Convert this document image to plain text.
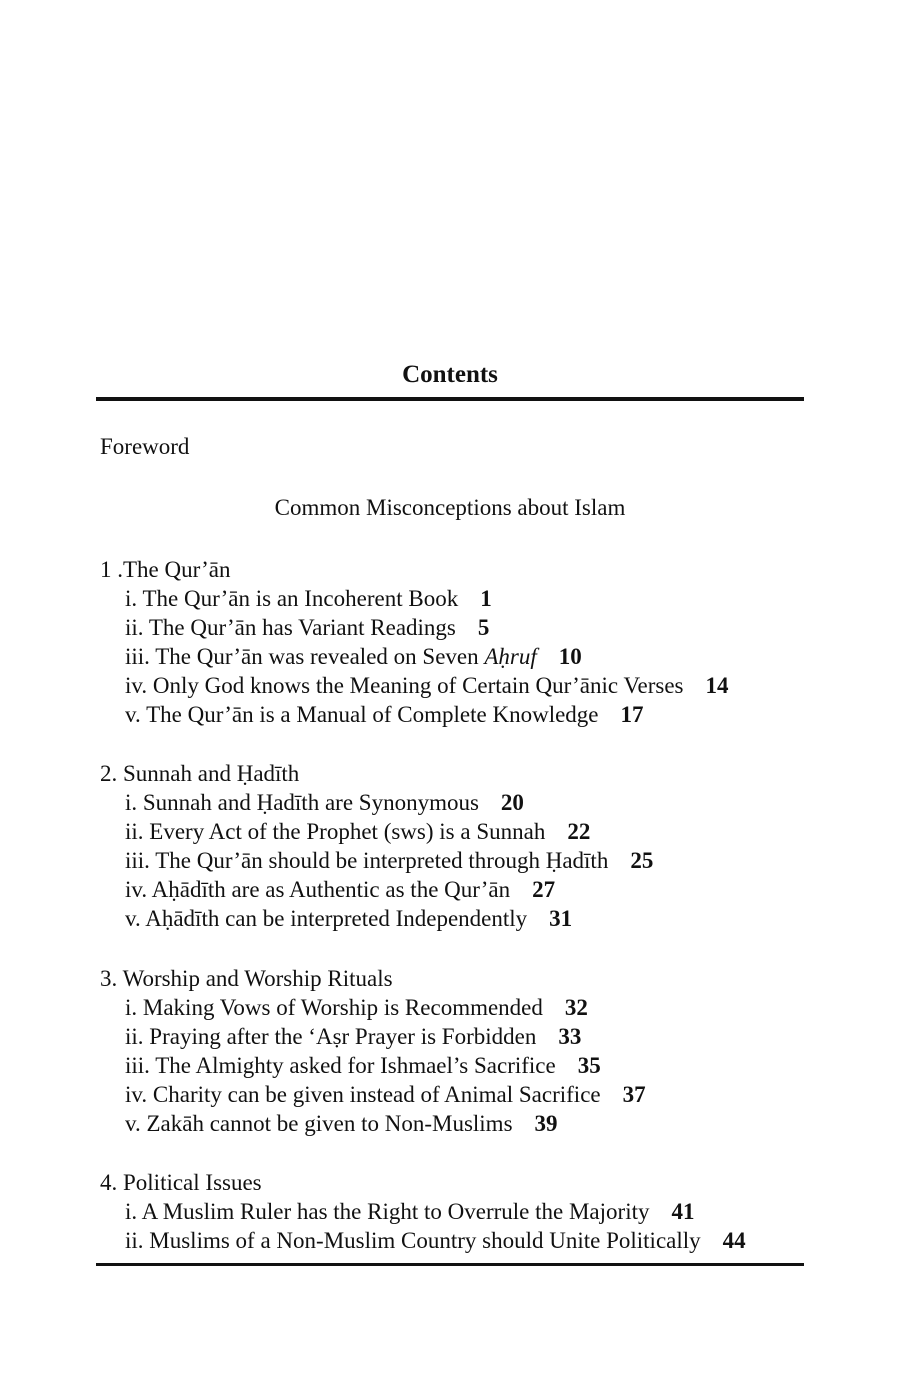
Contents
Foreword
Common Misconceptions about Islam
1 .The Qur’ān
i. The Qur’ān is an Incoherent Book 1
ii. The Qur’ān has Variant Readings 5
iii. The Qur’ān was revealed on Seven Aḥruf 10
iv. Only God knows the Meaning of Certain Qur’ānic Verses 14
v. The Qur’ān is a Manual of Complete Knowledge 17
2. Sunnah and Ḥadīth
i. Sunnah and Ḥadīth are Synonymous 20
ii. Every Act of the Prophet (sws) is a Sunnah 22
iii. The Qur’ān should be interpreted through Ḥadīth 25
iv. Aḥādīth are as Authentic as the Qur’ān 27
v. Aḥādīth can be interpreted Independently 31
3. Worship and Worship Rituals
i. Making Vows of Worship is Recommended 32
ii. Praying after the ‘Aṣr Prayer is Forbidden 33
iii. The Almighty asked for Ishmael’s Sacrifice 35
iv. Charity can be given instead of Animal Sacrifice 37
v. Zakāh cannot be given to Non-Muslims 39
4. Political Issues
i. A Muslim Ruler has the Right to Overrule the Majority 41
ii. Muslims of a Non-Muslim Country should Unite Politically 44
